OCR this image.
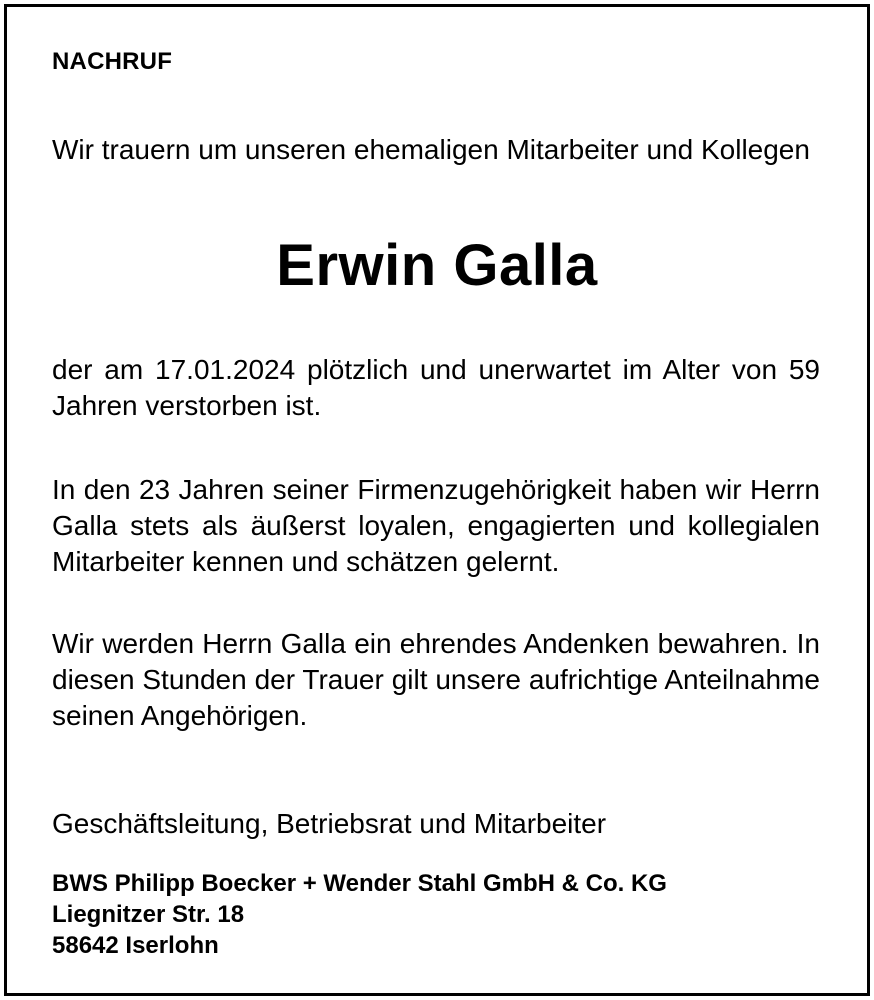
NACHRUF
Wir trauern um unseren ehemaligen Mitarbeiter und Kollegen
Erwin Galla
der am 17.01.2024 plötzlich und unerwartet im Alter von 59 Jahren verstorben ist.
In den 23 Jahren seiner Firmenzugehörigkeit haben wir Herrn Galla stets als äußerst loyalen, engagierten und kollegialen Mitarbeiter kennen und schätzen gelernt.
Wir werden Herrn Galla ein ehrendes Andenken bewahren. In diesen Stunden der Trauer gilt unsere aufrichtige Anteilnahme seinen Angehörigen.
Geschäftsleitung, Betriebsrat und Mitarbeiter
BWS Philipp Boecker + Wender Stahl GmbH & Co. KG
Liegnitzer Str. 18
58642 Iserlohn
